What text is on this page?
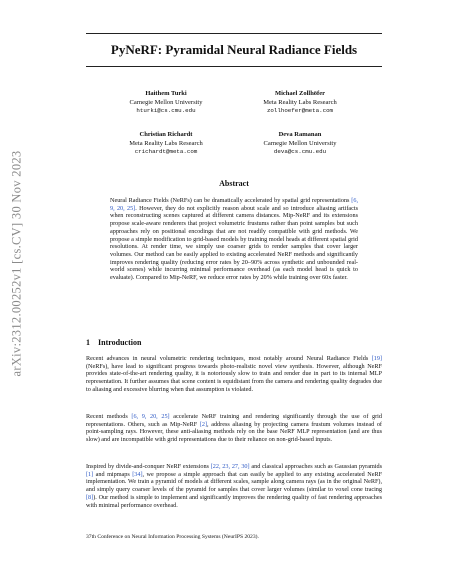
arXiv:2312.00252v1 [cs.CV] 30 Nov 2023
PyNeRF: Pyramidal Neural Radiance Fields
Haithem Turki
Carnegie Mellon University
hturki@cs.cmu.edu
Michael Zollhöfer
Meta Reality Labs Research
zollhoefer@meta.com
Christian Richardt
Meta Reality Labs Research
crichardt@meta.com
Deva Ramanan
Carnegie Mellon University
deva@cs.cmu.edu
Abstract

Neural Radiance Fields (NeRFs) can be dramatically accelerated by spatial grid representations [6, 9, 20, 25]. However, they do not explicitly reason about scale and so introduce aliasing artifacts when reconstructing scenes captured at different camera distances. Mip-NeRF and its extensions propose scale-aware renderers that project volumetric frustums rather than point samples but such approaches rely on positional encodings that are not readily compatible with grid methods. We propose a simple modification to grid-based models by training model heads at different spatial grid resolutions. At render time, we simply use coarser grids to render samples that cover larger volumes. Our method can be easily applied to existing accelerated NeRF methods and significantly improves rendering quality (reducing error rates by 20–90% across synthetic and unbounded real-world scenes) while incurring minimal performance overhead (as each model head is quick to evaluate). Compared to Mip-NeRF, we reduce error rates by 20% while training over 60x faster.

1 Introduction

Recent advances in neural volumetric rendering techniques, most notably around Neural Radiance Fields [19] (NeRFs), have lead to significant progress towards photo-realistic novel view synthesis. However, although NeRF provides state-of-the-art rendering quality, it is notoriously slow to train and render due in part to its internal MLP representation. It further assumes that scene content is equidistant from the camera and rendering quality degrades due to aliasing and excessive blurring when that assumption is violated.

Recent methods [6, 9, 20, 25] accelerate NeRF training and rendering significantly through the use of grid representations. Others, such as Mip-NeRF [2], address aliasing by projecting camera frustum volumes instead of point-sampling rays. However, these anti-aliasing methods rely on the base NeRF MLP representation (and are thus slow) and are incompatible with grid representations due to their reliance on non-grid-based inputs.

Inspired by divide-and-conquer NeRF extensions [22, 23, 27, 30] and classical approaches such as Gaussian pyramids [1] and mipmaps [34], we propose a simple approach that can easily be applied to any existing accelerated NeRF implementation. We train a pyramid of models at different scales, sample along camera rays (as in the original NeRF), and simply query coarser levels of the pyramid for samples that cover larger volumes (similar to voxel cone tracing [8]). Our method is simple to implement and significantly improves the rendering quality of fast rendering approaches with minimal performance overhead.

37th Conference on Neural Information Processing Systems (NeurIPS 2023).
